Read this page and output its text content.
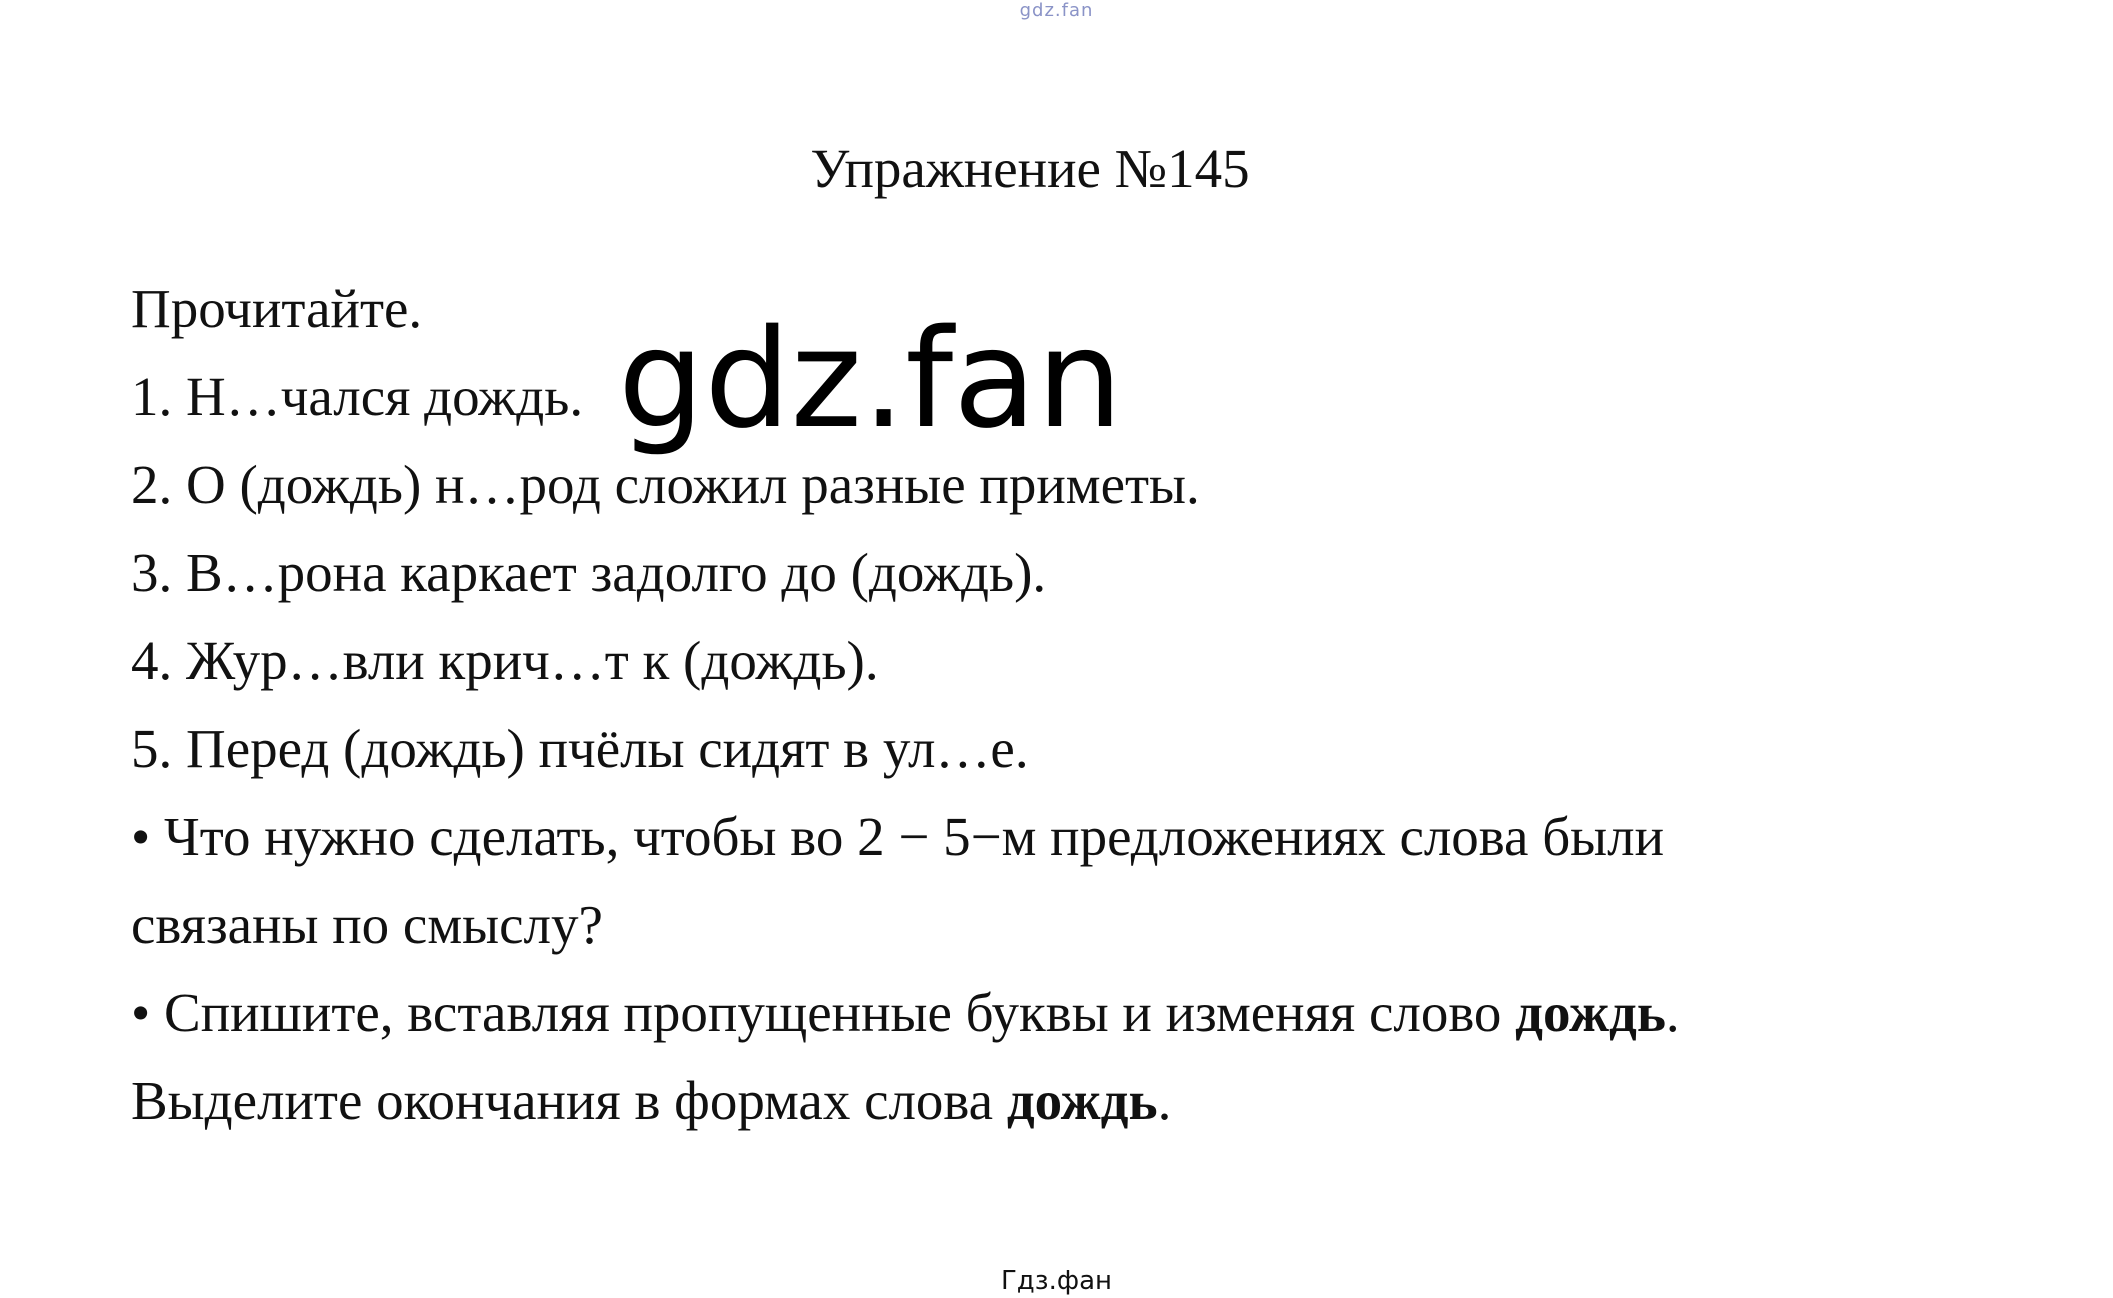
gdz.fan
Упражнение №145
Прочитайте.
1. Н…чался дождь.
2. О (дождь) н…род сложил разные приметы.
3. В…рона каркает задолго до (дождь).
4. Жур…вли крич…т к (дождь).
5. Перед (дождь) пчёлы сидят в ул…е.
• Что нужно сделать, чтобы во 2 − 5−м предложениях слова были
связаны по смыслу?
• Спишите, вставляя пропущенные буквы и изменяя слово дождь.
Выделите окончания в формах слова дождь.
gdz.fan
Гдз.фан
